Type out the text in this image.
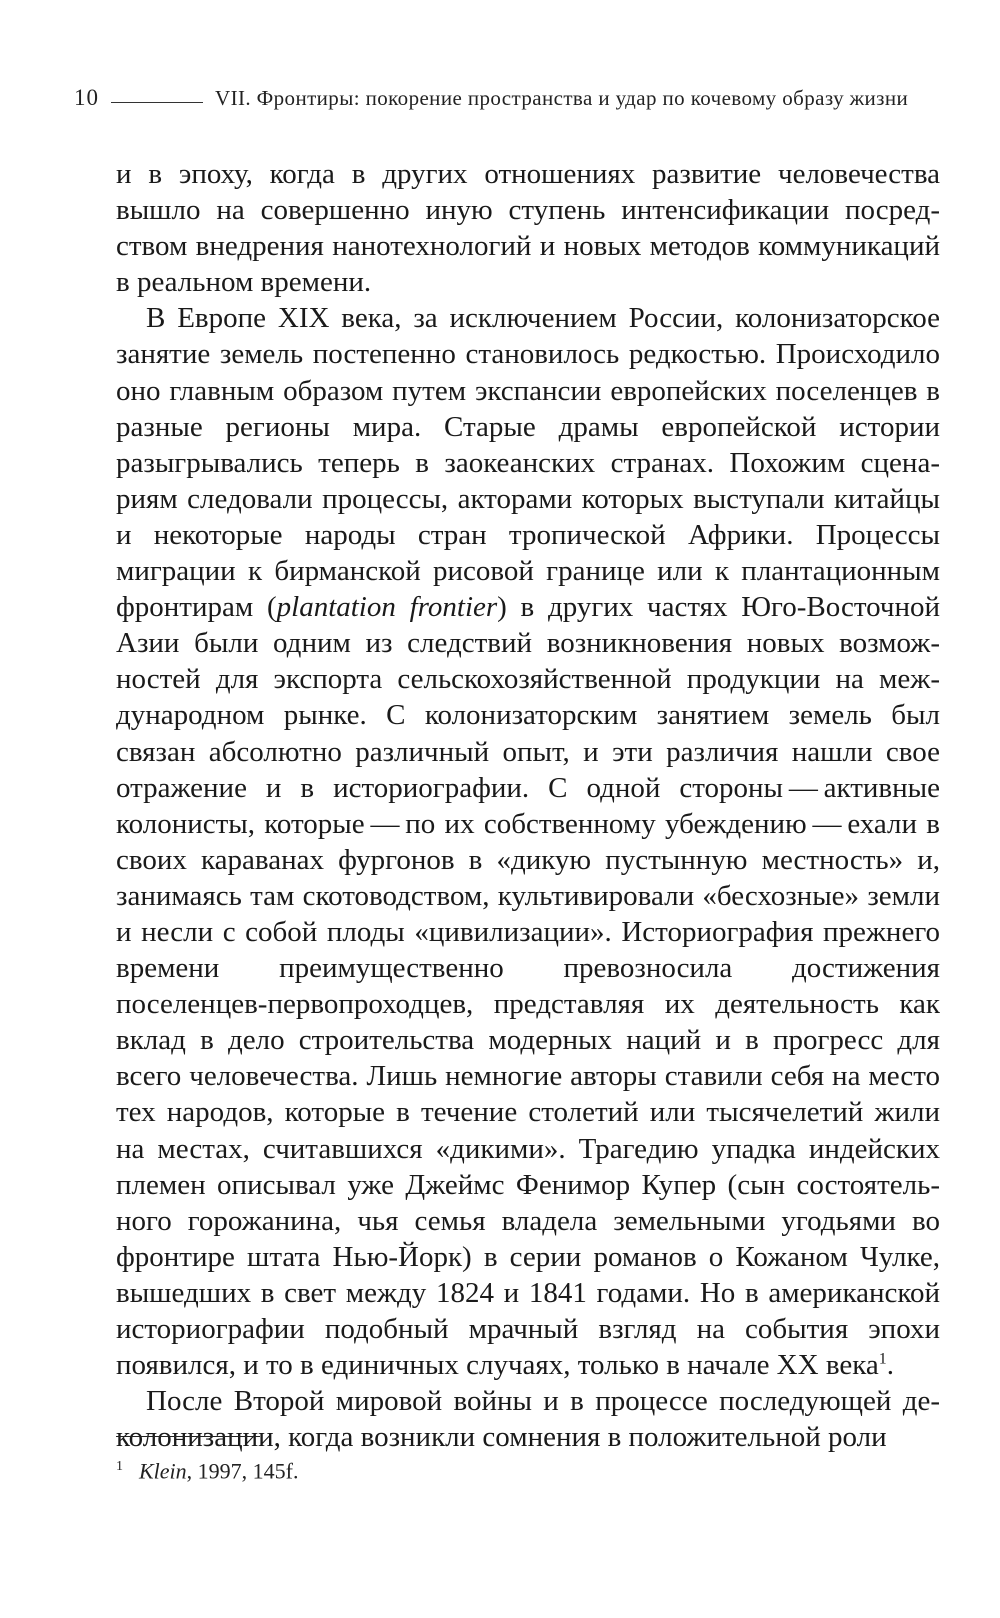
10	VII. Фронтиры: покорение пространства и удар по кочевому образу жизни

и в эпоху, когда в других отношениях развитие человечества вышло на совершенно иную ступень интенсификации посредством внедрения нанотехнологий и новых методов коммуникаций в реальном времени.

В Европе XIX века, за исключением России, колонизаторское занятие земель постепенно становилось редкостью. Происходило оно главным образом путем экспансии европейских поселенцев в разные регионы мира. Старые драмы европейской истории разыгрывались теперь в заокеанских странах. Похожим сценариям следовали процессы, акторами которых выступали китайцы и некоторые народы стран тропической Африки. Процессы миграции к бирманской рисовой границе или к плантационным фронтирам (plantation frontier) в других частях Юго-Восточной Азии были одним из следствий возникновения новых возможностей для экспорта сельскохозяйственной продукции на международном рынке. С колонизаторским занятием земель был связан абсолютно различный опыт, и эти различия нашли свое отражение и в историографии. С одной стороны — активные колонисты, которые — по их собственному убеждению — ехали в своих караванах фургонов в «дикую пустынную местность» и, занимаясь там скотоводством, культивировали «бесхозные» земли и несли с собой плоды «цивилизации». Историография прежнего времени преимущественно превозносила достижения поселенцев-первопроходцев, представляя их деятельность как вклад в дело строительства модерных наций и в прогресс для всего человечества. Лишь немногие авторы ставили себя на место тех народов, которые в течение столетий или тысячелетий жили на местах, считавшихся «дикими». Трагедию упадка индейских племен описывал уже Джеймс Фенимор Купер (сын состоятельного горожанина, чья семья владела земельными угодьями во фронтире штата Нью-Йорк) в серии романов о Кожаном Чулке, вышедших в свет между 1824 и 1841 годами. Но в американской историографии подобный мрачный взгляд на события эпохи появился, и то в единичных случаях, только в начале XX века$^1$.

После Второй мировой войны и в процессе последующей деколонизации, когда возникли сомнения в положительной роли

$^1$ Klein, 1997, 145f.
